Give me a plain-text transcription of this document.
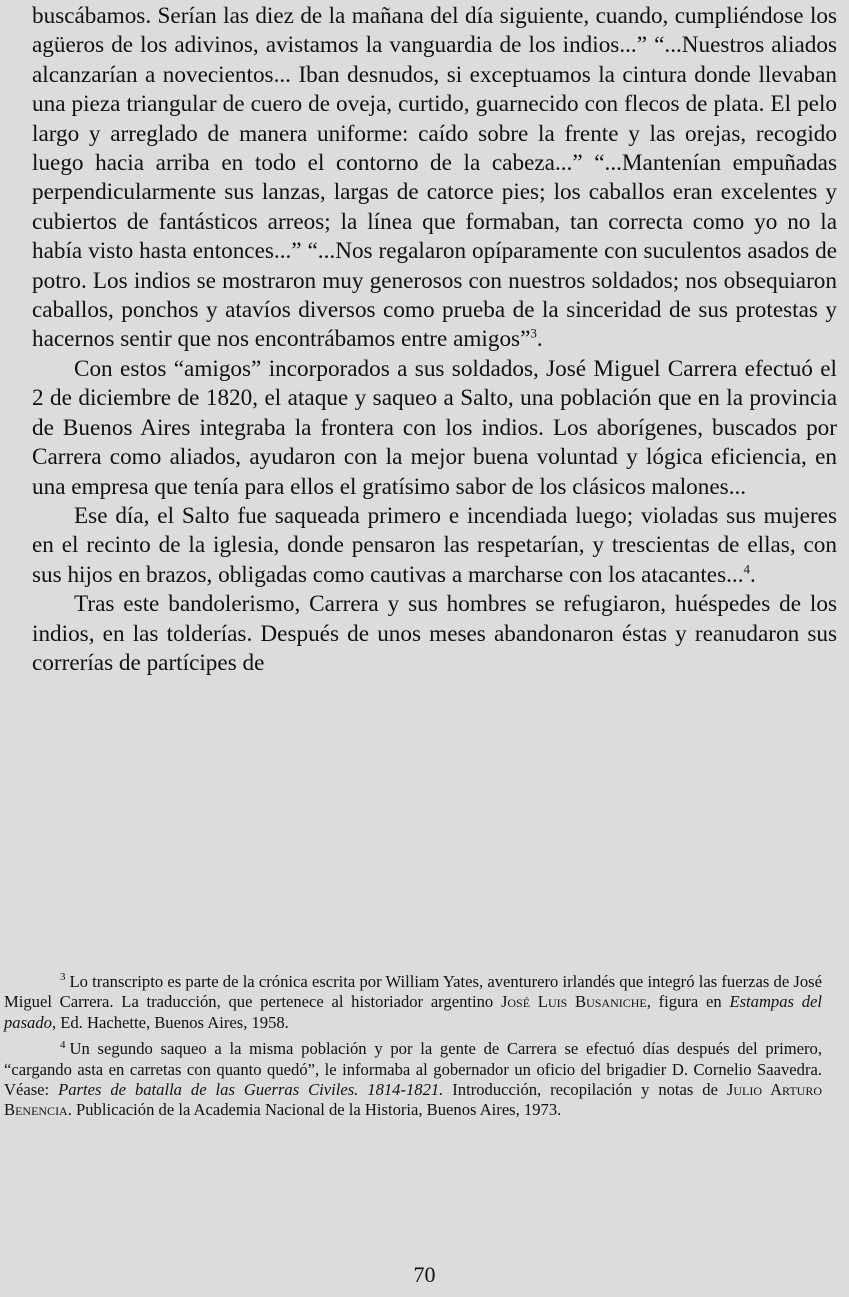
buscábamos. Serían las diez de la mañana del día siguiente, cuando, cumpliéndose los agüeros de los adivinos, avistamos la vanguardia de los indios...” “...Nuestros aliados alcanzarían a novecientos... Iban desnudos, si exceptuamos la cintura donde llevaban una pieza triangular de cuero de oveja, curtido, guarnecido con flecos de plata. El pelo largo y arreglado de manera uniforme: caído sobre la frente y las orejas, recogido luego hacia arriba en todo el contorno de la cabeza...” “...Mantenían empuñadas perpendicularmente sus lanzas, largas de catorce pies; los caballos eran excelentes y cubiertos de fantásticos arreos; la línea que formaban, tan correcta como yo no la había visto hasta entonces...” “...Nos regalaron opíparamente con suculentos asados de potro. Los indios se mostraron muy generosos con nuestros soldados; nos obsequiaron caballos, ponchos y atavíos diversos como prueba de la sinceridad de sus protestas y hacernos sentir que nos encontrábamos entre amigos”$^3$.

Con estos “amigos” incorporados a sus soldados, José Miguel Carrera efectuó el 2 de diciembre de 1820, el ataque y saqueo a Salto, una población que en la provincia de Buenos Aires integraba la frontera con los indios. Los aborígenes, buscados por Carrera como aliados, ayudaron con la mejor buena voluntad y lógica eficiencia, en una empresa que tenía para ellos el gratísimo sabor de los clásicos malones...

Ese día, el Salto fue saqueada primero e incendiada luego; violadas sus mujeres en el recinto de la iglesia, donde pensaron las respetarían, y trescientas de ellas, con sus hijos en brazos, obligadas como cautivas a marcharse con los atacantes...$^4$.

Tras este bandolerismo, Carrera y sus hombres se refugiaron, huéspedes de los indios, en las tolderías. Después de unos meses abandonaron éstas y reanudaron sus correrías de partícipes de

$^3$ Lo transcripto es parte de la crónica escrita por William Yates, aventurero irlandés que integró las fuerzas de José Miguel Carrera. La traducción, que pertenece al historiador argentino José Luis Busaniche, figura en Estampas del pasado, Ed. Hachette, Buenos Aires, 1958.

$^4$ Un segundo saqueo a la misma población y por la gente de Carrera se efectuó días después del primero, “cargando asta en carretas con quanto quedó”, le informaba al gobernador un oficio del brigadier D. Cornelio Saavedra. Véase: Partes de batalla de las Guerras Civiles. 1814-1821. Introducción, recopilación y notas de Julio Arturo Benencia. Publicación de la Academia Nacional de la Historia, Buenos Aires, 1973.

70
